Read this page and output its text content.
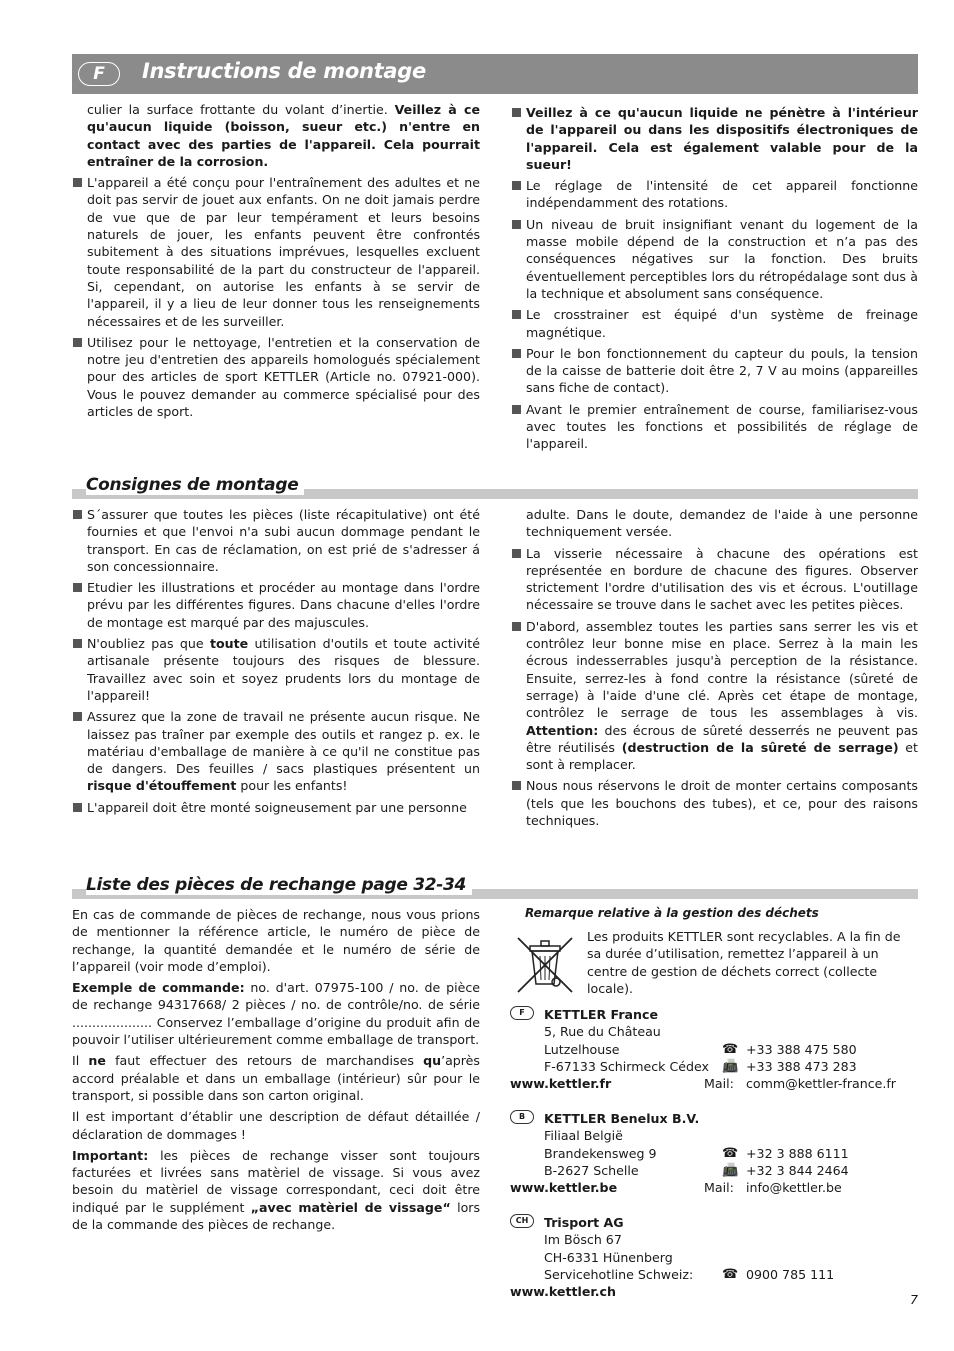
F	Instructions de montage

culier la surface frottante du volant d’inertie. Veillez à ce qu'aucun liquide (boisson, sueur etc.) n'entre en contact avec des parties de l'appareil. Cela pourrait entraîner de la corrosion.

L'appareil a été conçu pour l'entraînement des adultes et ne doit pas servir de jouet aux enfants. On ne doit jamais perdre de vue que de par leur tempérament et leurs besoins naturels de jouer, les enfants peuvent être confrontés subitement à des situations imprévues, lesquelles excluent toute responsabilité de la part du constructeur de l'appareil. Si, cependant, on autorise les enfants à se servir de l'appareil, il y a lieu de leur donner tous les renseignements nécessaires et de les surveiller.
Utilisez pour le nettoyage, l'entretien et la conservation de notre jeu d'entretien des appareils homologués spécialement pour des articles de sport KETTLER (Article no. 07921-000). Vous le pouvez demander au commerce spécialisé pour des articles de sport.
Veillez à ce qu'aucun liquide ne pénètre à l'intérieur de l'appareil ou dans les dispositifs électroniques de l'appareil. Cela est également valable pour de la sueur!
Le réglage de l'intensité de cet appareil fonctionne indépendamment des rotations.
Un niveau de bruit insignifiant venant du logement de la masse mobile dépend de la construction et n’a pas des conséquences négatives sur la fonction. Des bruits éventuellement perceptibles lors du rétropédalage sont dus à la technique et absolument sans conséquence.
Le crosstrainer est équipé d'un système de freinage magnétique.
Pour le bon fonctionnement du capteur du pouls, la tension de la caisse de batterie doit être 2, 7 V au moins (appareilles sans fiche de contact).
Avant le premier entraînement de course, familiarisez-vous avec toutes les fonctions et possibilités de réglage de l'appareil.
Consignes de montage
S´assurer que toutes les pièces (liste récapitulative) ont été fournies et que l'envoi n'a subi aucun dommage pendant le transport. En cas de réclamation, on est prié de s'adresser á son concessionnaire.
Etudier les illustrations et procéder au montage dans l'ordre prévu par les différentes figures. Dans chacune d'elles l'ordre de montage est marqué par des majuscules.
N'oubliez pas que toute utilisation d'outils et toute activité artisanale présente toujours des risques de blessure. Travaillez avec soin et soyez prudents lors du montage de l'appareil!
Assurez que la zone de travail ne présente aucun risque. Ne laissez pas traîner par exemple des outils et rangez p. ex. le matériau d'emballage de manière à ce qu'il ne constitue pas de dangers. Des feuilles / sacs plastiques présentent un risque d'étouffement pour les enfants!
L'appareil doit être monté soigneusement par une personne

adulte. Dans le doute, demandez de l'aide à une personne techniquement versée.

La visserie nécessaire à chacune des opérations est représentée en bordure de chacune des figures. Observer strictement l'ordre d'utilisation des vis et écrous. L'outillage nécessaire se trouve dans le sachet avec les petites pièces.
D'abord, assemblez toutes les parties sans serrer les vis et contrôlez leur bonne mise en place. Serrez à la main les écrous indesserrables jusqu'à perception de la résistance. Ensuite, serrez-les à fond contre la résistance (sûreté de serrage) à l'aide d'une clé. Après cet étape de montage, contrôlez le serrage de tous les assemblages à vis. Attention: des écrous de sûreté desserrés ne peuvent pas être réutilisés (destruction de la sûreté de serrage) et sont à remplacer.
Nous nous réservons le droit de monter certains composants (tels que les bouchons des tubes), et ce, pour des raisons techniques.
Liste des pièces de rechange page 32-34

En cas de commande de pièces de rechange, nous vous prions de mentionner la référence article, le numéro de pièce de rechange, la quantité demandée et le numéro de série de l’appareil (voir mode d’emploi).

Exemple de commande: no. d'art. 07975-100 / no. de pièce de rechange 94317668/ 2 pièces / no. de contrôle/no. de série .................... Conservez l’emballage d’origine du produit afin de pouvoir l’utiliser ultérieurement comme emballage de transport.

Il ne faut effectuer des retours de marchandises qu’après accord préalable et dans un emballage (intérieur) sûr pour le transport, si possible dans son carton original.

Il est important d’établir une description de défaut détaillée / déclaration de dommages !

Important: les pièces de rechange visser sont toujours facturées et livrées sans matèriel de vissage. Si vous avez besoin du matèriel de vissage correspondant, ceci doit être indiqué par le supplément „avec matèriel de vissage“ lors de la commande des pièces de rechange.

Remarque relative à la gestion des déchets
Les produits KETTLER sont recyclables. A la fin de sa durée d’utilisation, remettez l’appareil à un centre de gestion de déchets correct (collecte locale).
F	KETTLER France
5, Rue du Château
Lutzelhouse	☎ +33 388 475 580
F-67133 Schirmeck Cédex 📠 +33 388 473 283
www.kettler.fr	Mail: comm@kettler-france.fr
B	KETTLER Benelux B.V.
Filiaal België
Brandekensweg 9	☎ +32 3 888 6111
B-2627 Schelle	📠 +32 3 844 2464
www.kettler.be	Mail: info@kettler.be
CH	Trisport AG
Im Bösch 67
CH-6331 Hünenberg
Servicehotline Schweiz: ☎ 0900 785 111
www.kettler.ch
7
